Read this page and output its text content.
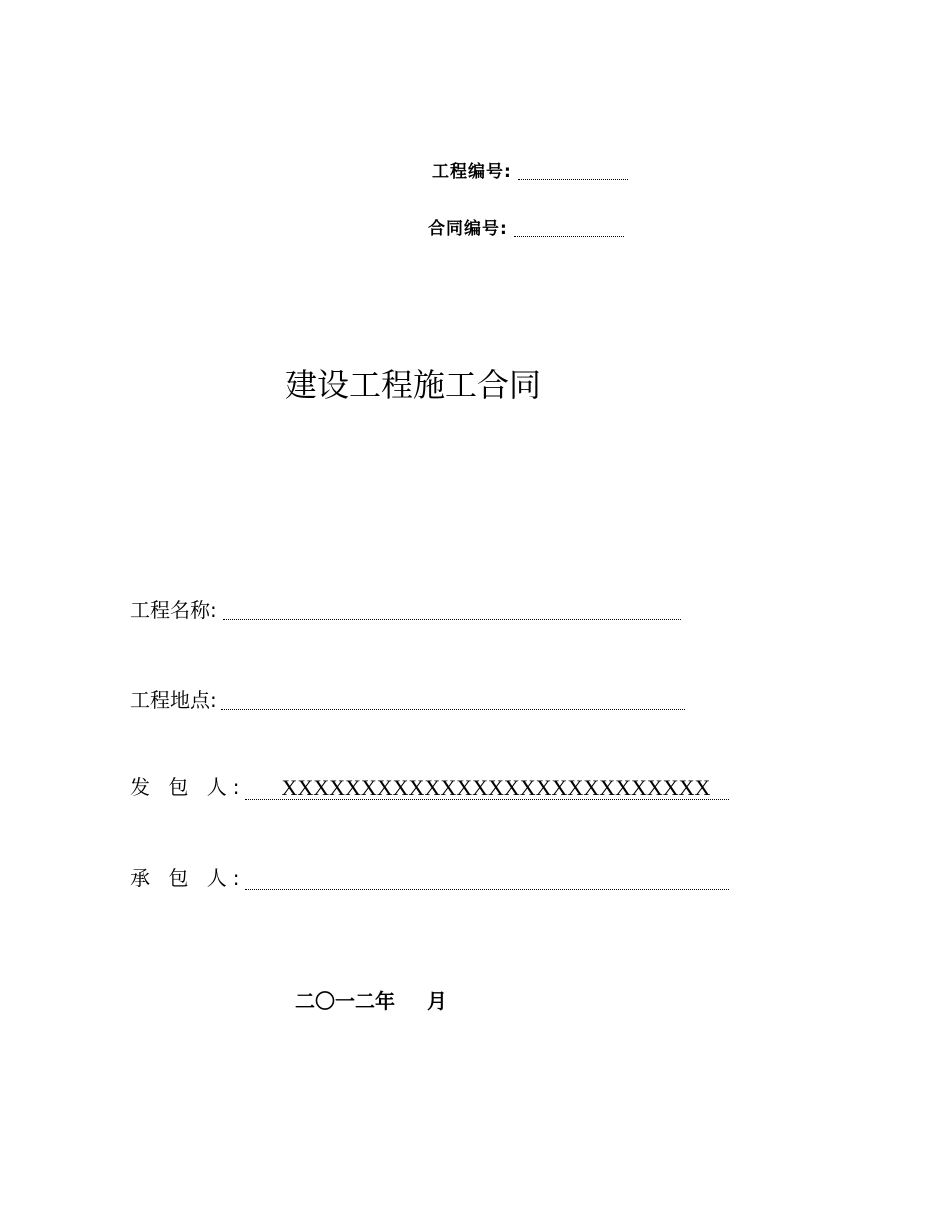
工程编号:
合同编号:
建设工程施工合同
工程名称:
工程地点:
发 包 人: XXXXXXXXXXXXXXXXXXXXXXXXXXX
承 包 人:
二〇一二年 月
